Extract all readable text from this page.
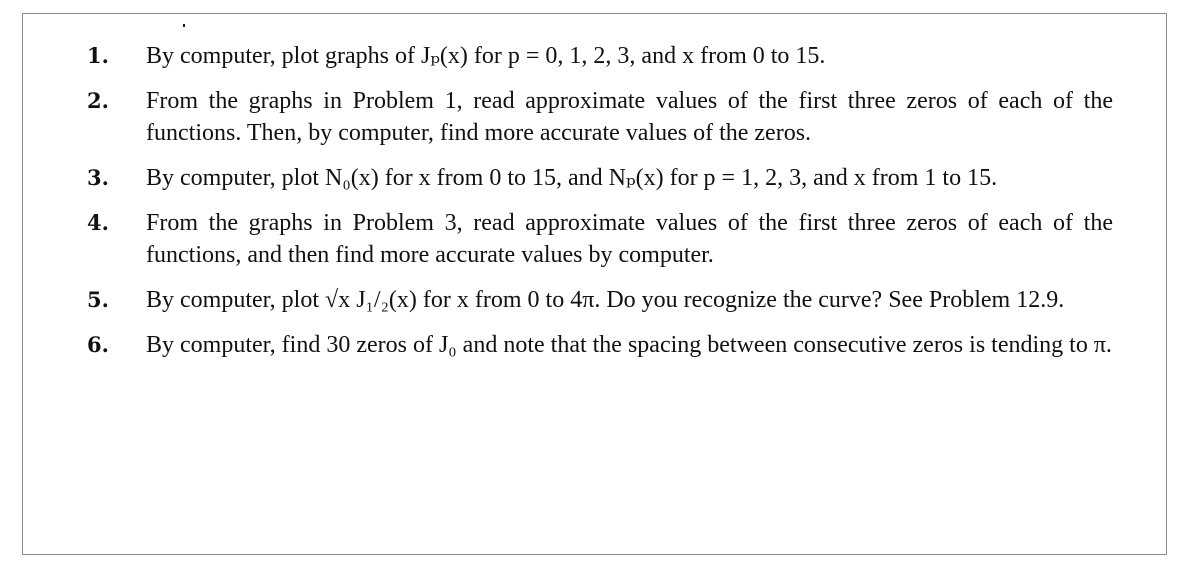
1. By computer, plot graphs of Jₚ(x) for p = 0, 1, 2, 3, and x from 0 to 15.
2. From the graphs in Problem 1, read approximate values of the first three zeros of each of the functions. Then, by computer, find more accurate values of the zeros.
3. By computer, plot N₀(x) for x from 0 to 15, and Nₚ(x) for p = 1, 2, 3, and x from 1 to 15.
4. From the graphs in Problem 3, read approximate values of the first three zeros of each of the functions, and then find more accurate values by computer.
5. By computer, plot √x J₁/₂(x) for x from 0 to 4π. Do you recognize the curve? See Problem 12.9.
6. By computer, find 30 zeros of J₀ and note that the spacing between consecutive zeros is tending to π.
